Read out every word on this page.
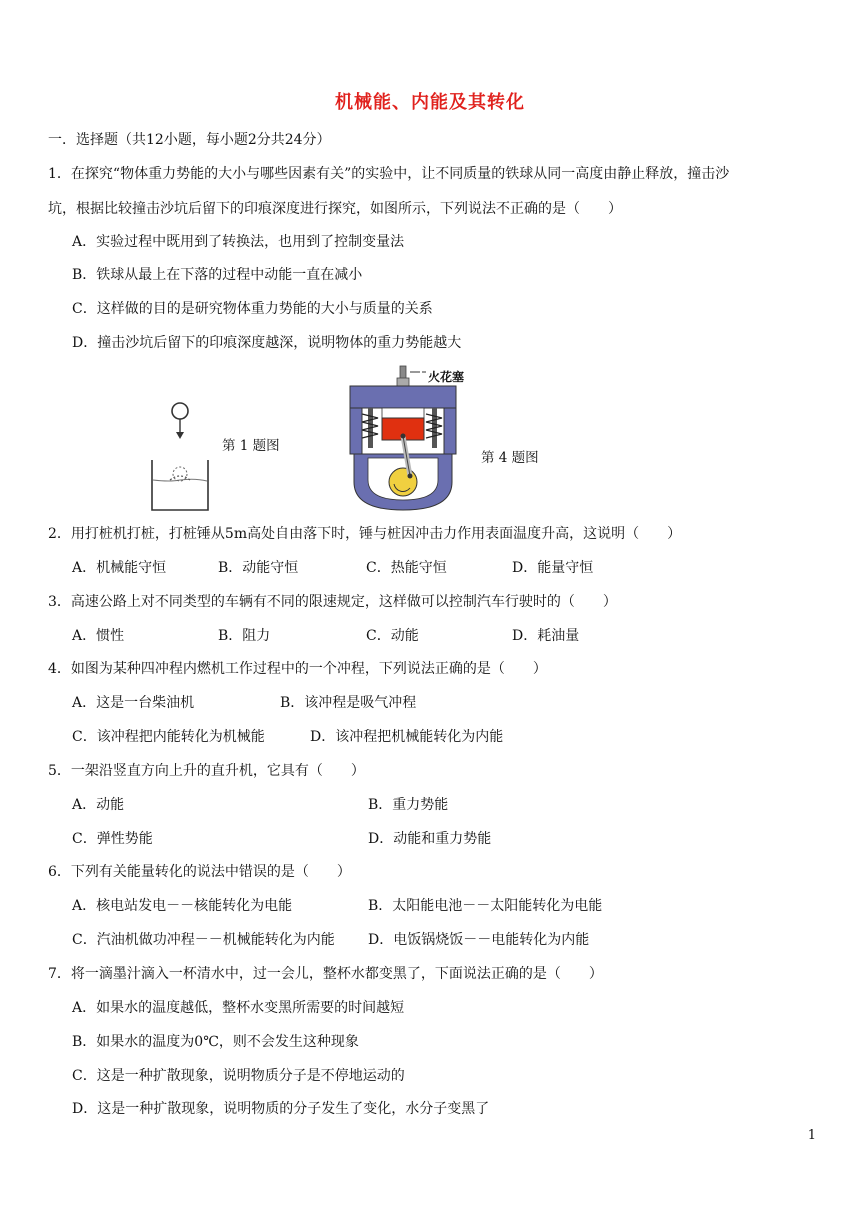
机械能、内能及其转化
一．选择题（共12小题，每小题2分共24分）
1．在探究“物体重力势能的大小与哪些因素有关”的实验中，让不同质量的铁球从同一高度由静止释放，撞击沙
坑，根据比较撞击沙坑后留下的印痕深度进行探究，如图所示，下列说法不正确的是（　　）
A．实验过程中既用到了转换法，也用到了控制变量法
B．铁球从最上在下落的过程中动能一直在减小
C．这样做的目的是研究物体重力势能的大小与质量的关系
D．撞击沙坑后留下的印痕深度越深，说明物体的重力势能越大
第 1 题图
火花塞
第 4 题图
2．用打桩机打桩，打桩锤从5m高处自由落下时，锤与桩因冲击力作用表面温度升高，这说明（　　）
A．机械能守恒	B．动能守恒	C．热能守恒	D．能量守恒
3．高速公路上对不同类型的车辆有不同的限速规定，这样做可以控制汽车行驶时的（　　）
A．惯性	B．阻力	C．动能	D．耗油量
4．如图为某种四冲程内燃机工作过程中的一个冲程，下列说法正确的是（　　）
A．这是一台柴油机	B．该冲程是吸气冲程
C．该冲程把内能转化为机械能	D．该冲程把机械能转化为内能
5．一架沿竖直方向上升的直升机，它具有（　　）
A．动能	B．重力势能
C．弹性势能	D．动能和重力势能
6．下列有关能量转化的说法中错误的是（　　）
A．核电站发电－－核能转化为电能	B．太阳能电池－－太阳能转化为电能
C．汽油机做功冲程－－机械能转化为内能 D．电饭锅烧饭－－电能转化为内能
7．将一滴墨汁滴入一杯清水中，过一会儿，整杯水都变黑了，下面说法正确的是（　　）
A．如果水的温度越低，整杯水变黑所需要的时间越短
B．如果水的温度为0℃，则不会发生这种现象
C．这是一种扩散现象，说明物质分子是不停地运动的
D．这是一种扩散现象，说明物质的分子发生了变化，水分子变黑了
1
